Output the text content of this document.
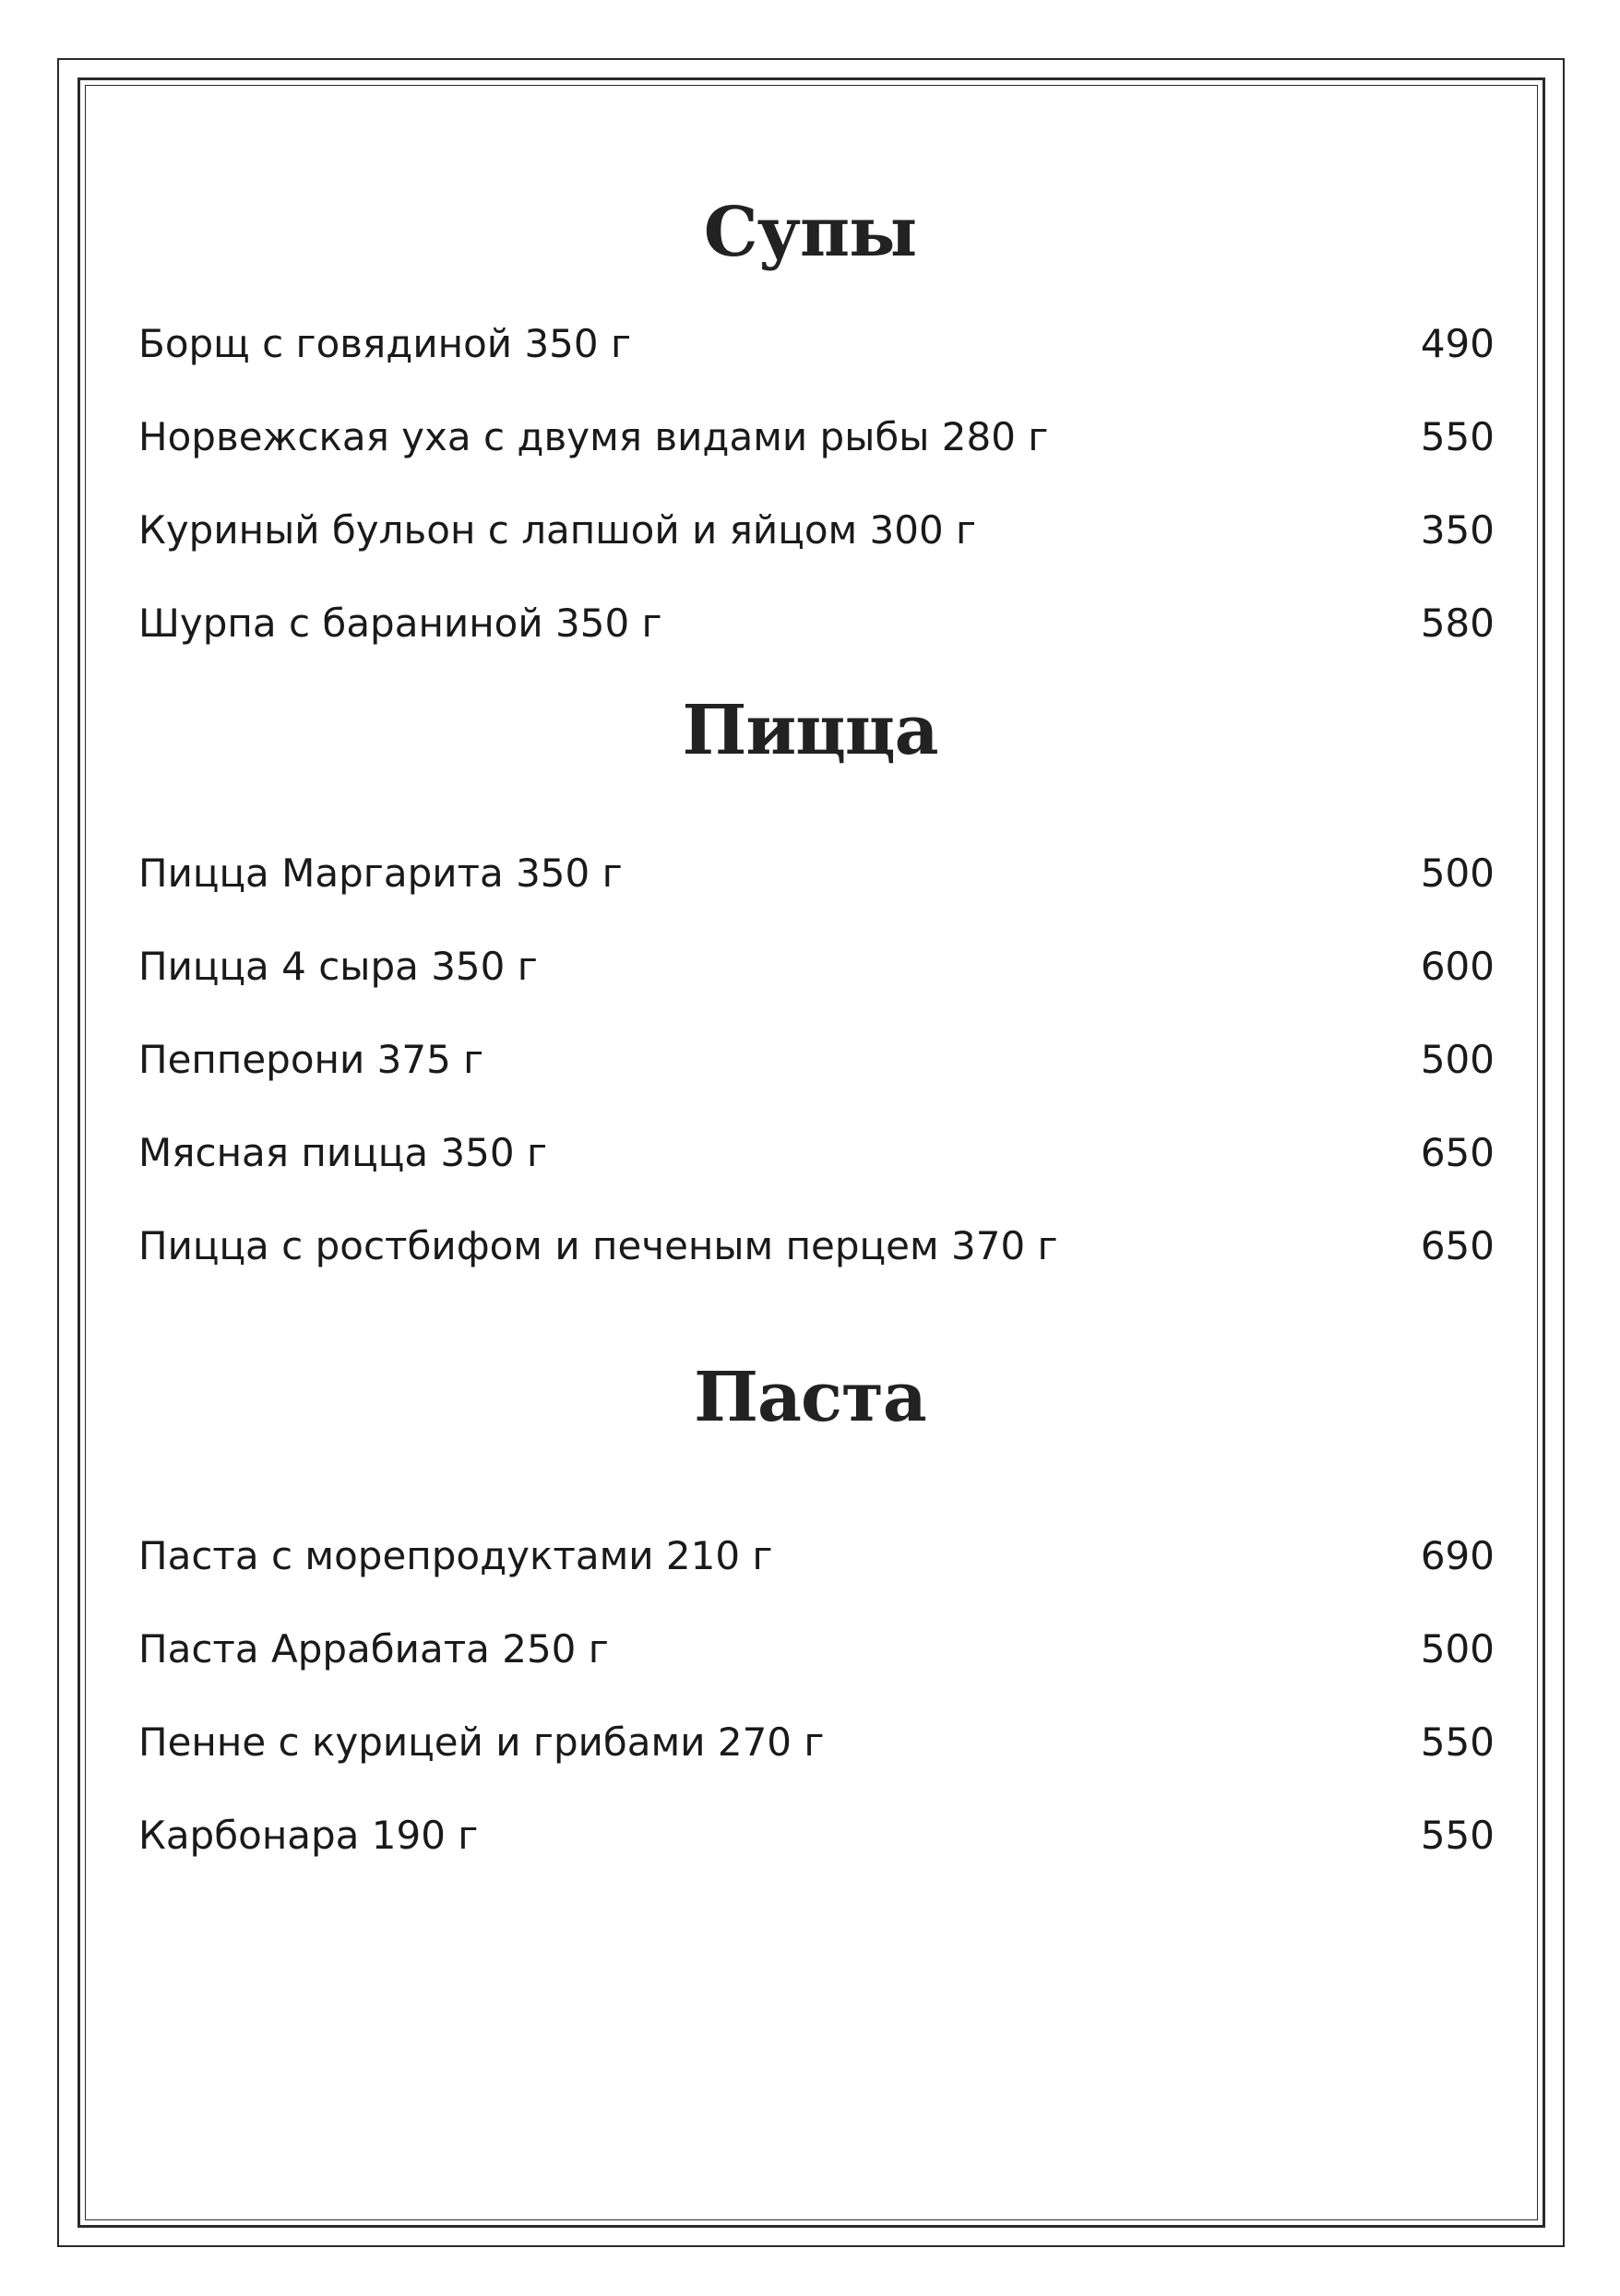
Супы
Борщ с говядиной 350 г	490
Норвежская уха с двумя видами рыбы 280 г	550
Куриный бульон с лапшой и яйцом 300 г	350
Шурпа с бараниной 350 г	580
Пицца
Пицца Маргарита 350 г	500
Пицца 4 сыра 350 г	600
Пепперони 375 г	500
Мясная пицца 350 г	650
Пицца с ростбифом и печеным перцем 370 г	650
Паста
Паста с морепродуктами 210 г	690
Паста Аррабиата 250 г	500
Пенне с курицей и грибами 270 г	550
Карбонара 190 г	550
